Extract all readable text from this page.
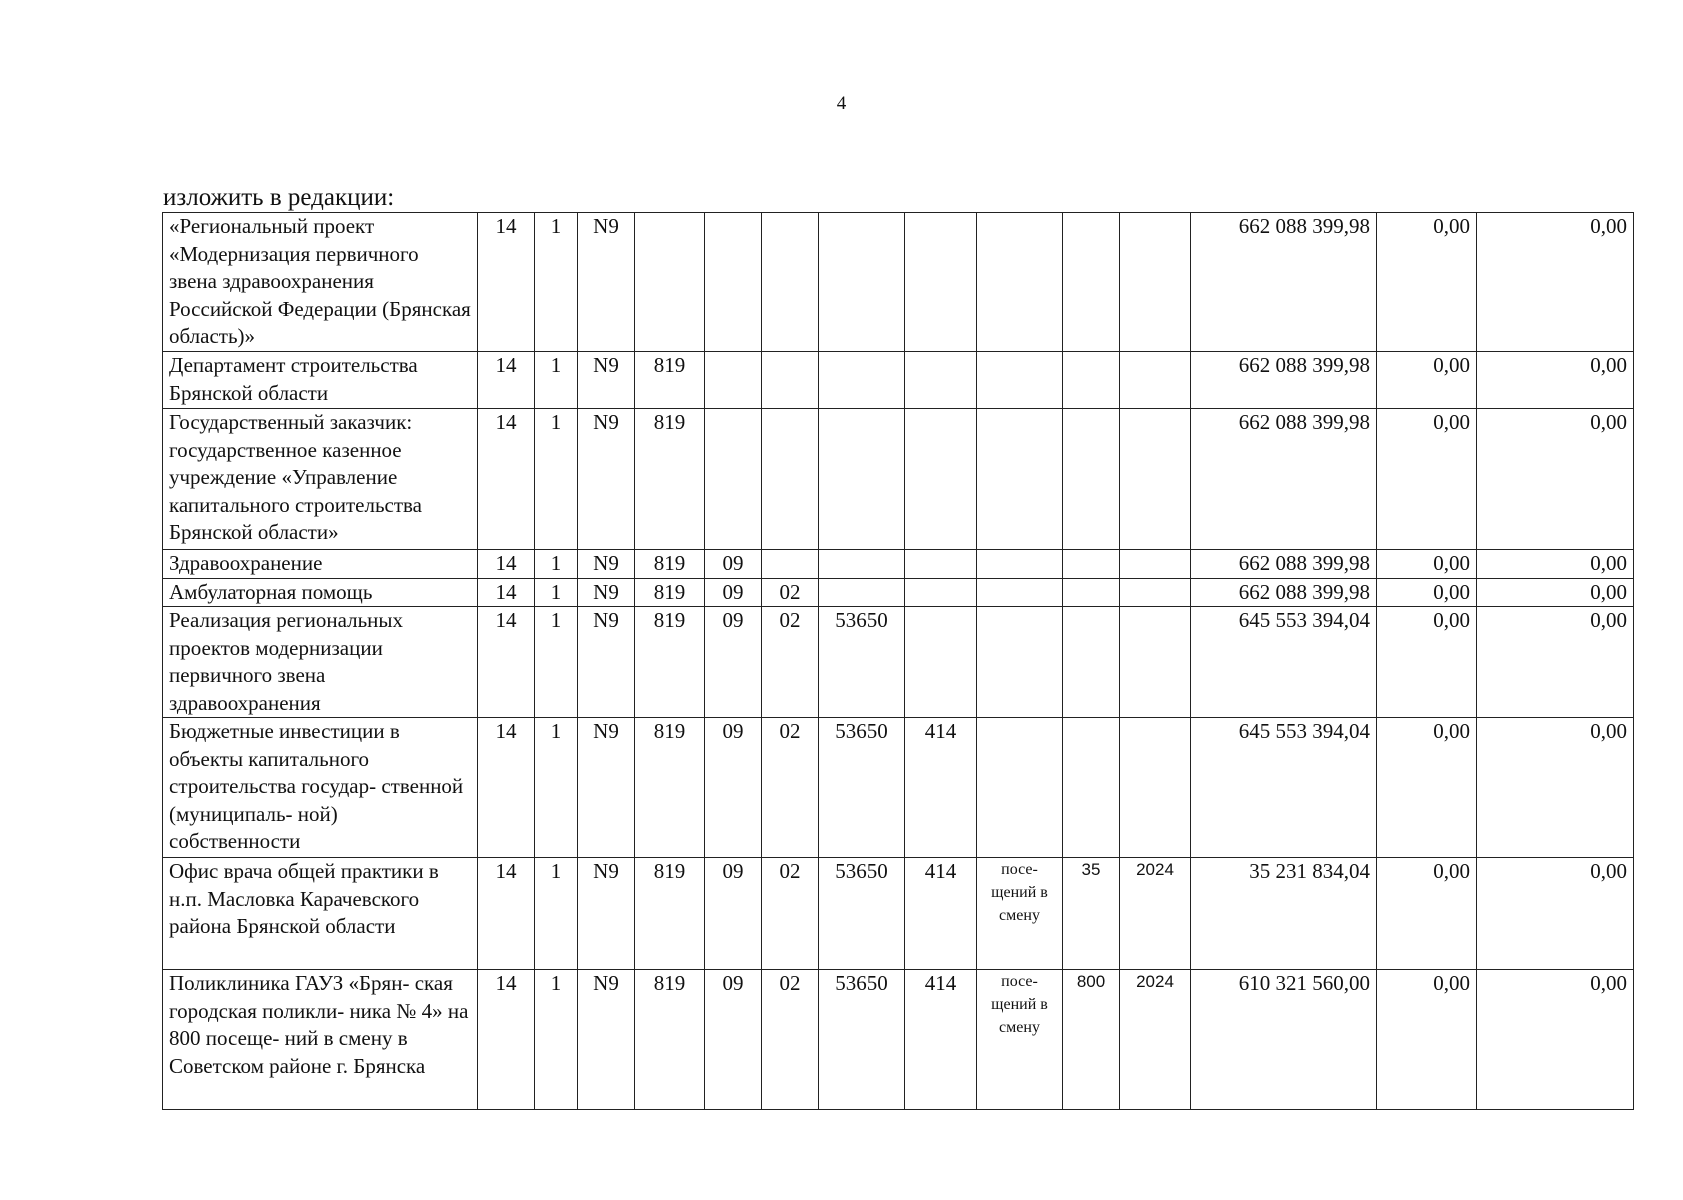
4
изложить в редакции:
«Региональный проект «Модернизация первичного звена здравоохранения Российской Федерации (Брянская область)»	14	1	N9									662 088 399,98	0,00	0,00
Департамент строительства Брянской области	14	1	N9	819								662 088 399,98	0,00	0,00
Государственный заказчик: государственное казенное учреждение «Управление капитального строительства Брянской области»	14	1	N9	819								662 088 399,98	0,00	0,00
Здравоохранение	14	1	N9	819	09							662 088 399,98	0,00	0,00
Амбулаторная помощь	14	1	N9	819	09	02						662 088 399,98	0,00	0,00
Реализация региональных проектов модернизации первичного звена здравоохранения	14	1	N9	819	09	02	53650					645 553 394,04	0,00	0,00
Бюджетные инвестиции в объекты капитального строительства государ- ственной (муниципаль- ной) собственности	14	1	N9	819	09	02	53650	414				645 553 394,04	0,00	0,00
Офис врача общей практики в н.п. Масловка Карачевского района Брянской области	14	1	N9	819	09	02	53650	414	посе- щений в смену	35	2024	35 231 834,04	0,00	0,00
Поликлиника ГАУЗ «Брян- ская городская поликли- ника № 4» на 800 посеще- ний в смену в Советском районе г. Брянска	14	1	N9	819	09	02	53650	414	посе- щений в смену	800	2024	610 321 560,00	0,00	0,00
